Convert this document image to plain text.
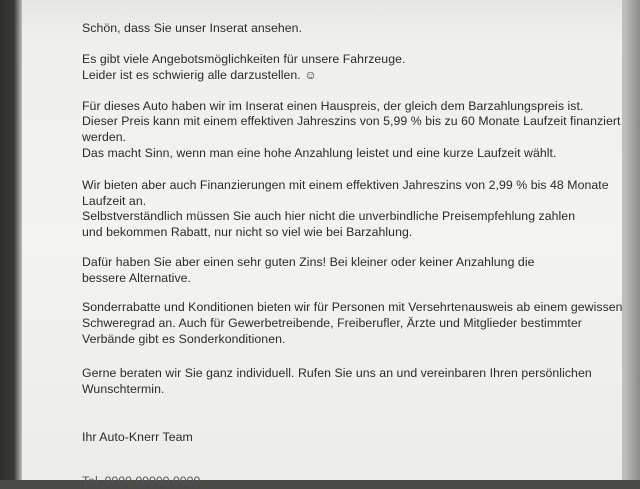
Schön, dass Sie unser Inserat ansehen.

Es gibt viele Angebotsmöglichkeiten für unsere Fahrzeuge.

Leider ist es schwierig alle darzustellen. ☺

Für dieses Auto haben wir im Inserat einen Hauspreis, der gleich dem Barzahlungspreis ist.

Dieser Preis kann mit einem effektiven Jahreszins von 5,99 % bis zu 60 Monate Laufzeit finanziert

werden.

Das macht Sinn, wenn man eine hohe Anzahlung leistet und eine kurze Laufzeit wählt.

Wir bieten aber auch Finanzierungen mit einem effektiven Jahreszins von 2,99 % bis 48 Monate

Laufzeit an.

Selbstverständlich müssen Sie auch hier nicht die unverbindliche Preisempfehlung zahlen

und bekommen Rabatt, nur nicht so viel wie bei Barzahlung.

Dafür haben Sie aber einen sehr guten Zins! Bei kleiner oder keiner Anzahlung die

bessere Alternative.

Sonderrabatte und Konditionen bieten wir für Personen mit Versehrtenausweis ab einem gewissen

Schweregrad an. Auch für Gewerbetreibende, Freiberufler, Ärzte und Mitglieder bestimmter

Verbände gibt es Sonderkonditionen.

Gerne beraten wir Sie ganz individuell. Rufen Sie uns an und vereinbaren Ihren persönlichen

Wunschtermin.

Ihr Auto-Knerr Team

Tel. 0000 00000 0000
